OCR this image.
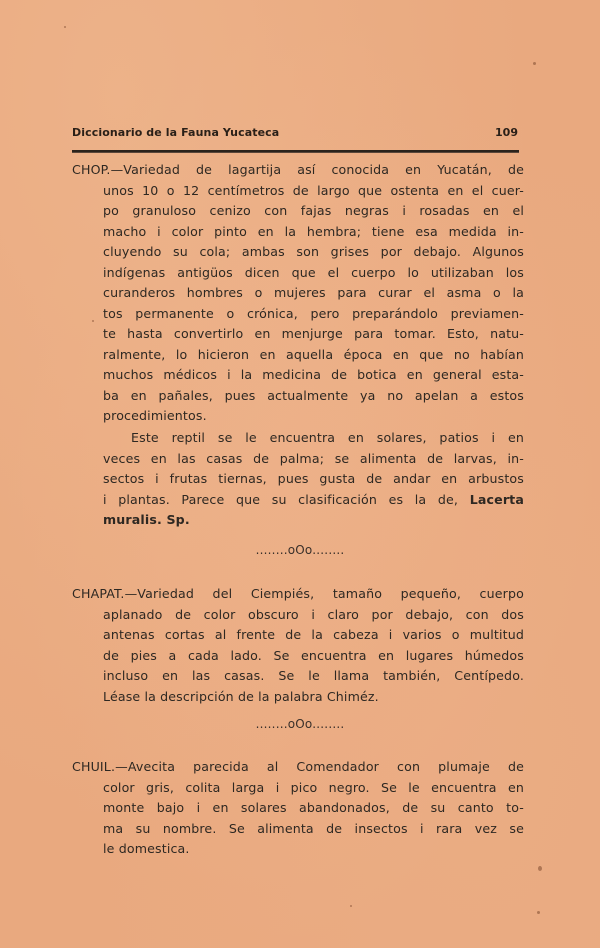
Diccionario de la Fauna Yucateca	109
CHOP.—Variedad de lagartija así conocida en Yucatán, de
unos 10 o 12 centímetros de largo que ostenta en el cuer-
po granuloso cenizo con fajas negras i rosadas en el
macho i color pinto en la hembra; tiene esa medida in-
cluyendo su cola; ambas son grises por debajo. Algunos
indígenas antigüos dicen que el cuerpo lo utilizaban los
curanderos hombres o mujeres para curar el asma o la
tos permanente o crónica, pero preparándolo previamen-
te hasta convertirlo en menjurge para tomar. Esto, natu-
ralmente, lo hicieron en aquella época en que no habían
muchos médicos i la medicina de botica en general esta-
ba en pañales, pues actualmente ya no apelan a estos
procedimientos.
Este reptil se le encuentra en solares, patios i en
veces en las casas de palma; se alimenta de larvas, in-
sectos i frutas tiernas, pues gusta de andar en arbustos
i plantas. Parece que su clasificación es la de, Lacerta
muralis. Sp.
........oOo........
CHAPAT.—Variedad del Ciempiés, tamaño pequeño, cuerpo
aplanado de color obscuro i claro por debajo, con dos
antenas cortas al frente de la cabeza i varios o multitud
de pies a cada lado. Se encuentra en lugares húmedos
incluso en las casas. Se le llama también, Centípedo.
Léase la descripción de la palabra Chiméz.
........oOo........
CHUIL.—Avecita parecida al Comendador con plumaje de
color gris, colita larga i pico negro. Se le encuentra en
monte bajo i en solares abandonados, de su canto to-
ma su nombre. Se alimenta de insectos i rara vez se
le domestica.
